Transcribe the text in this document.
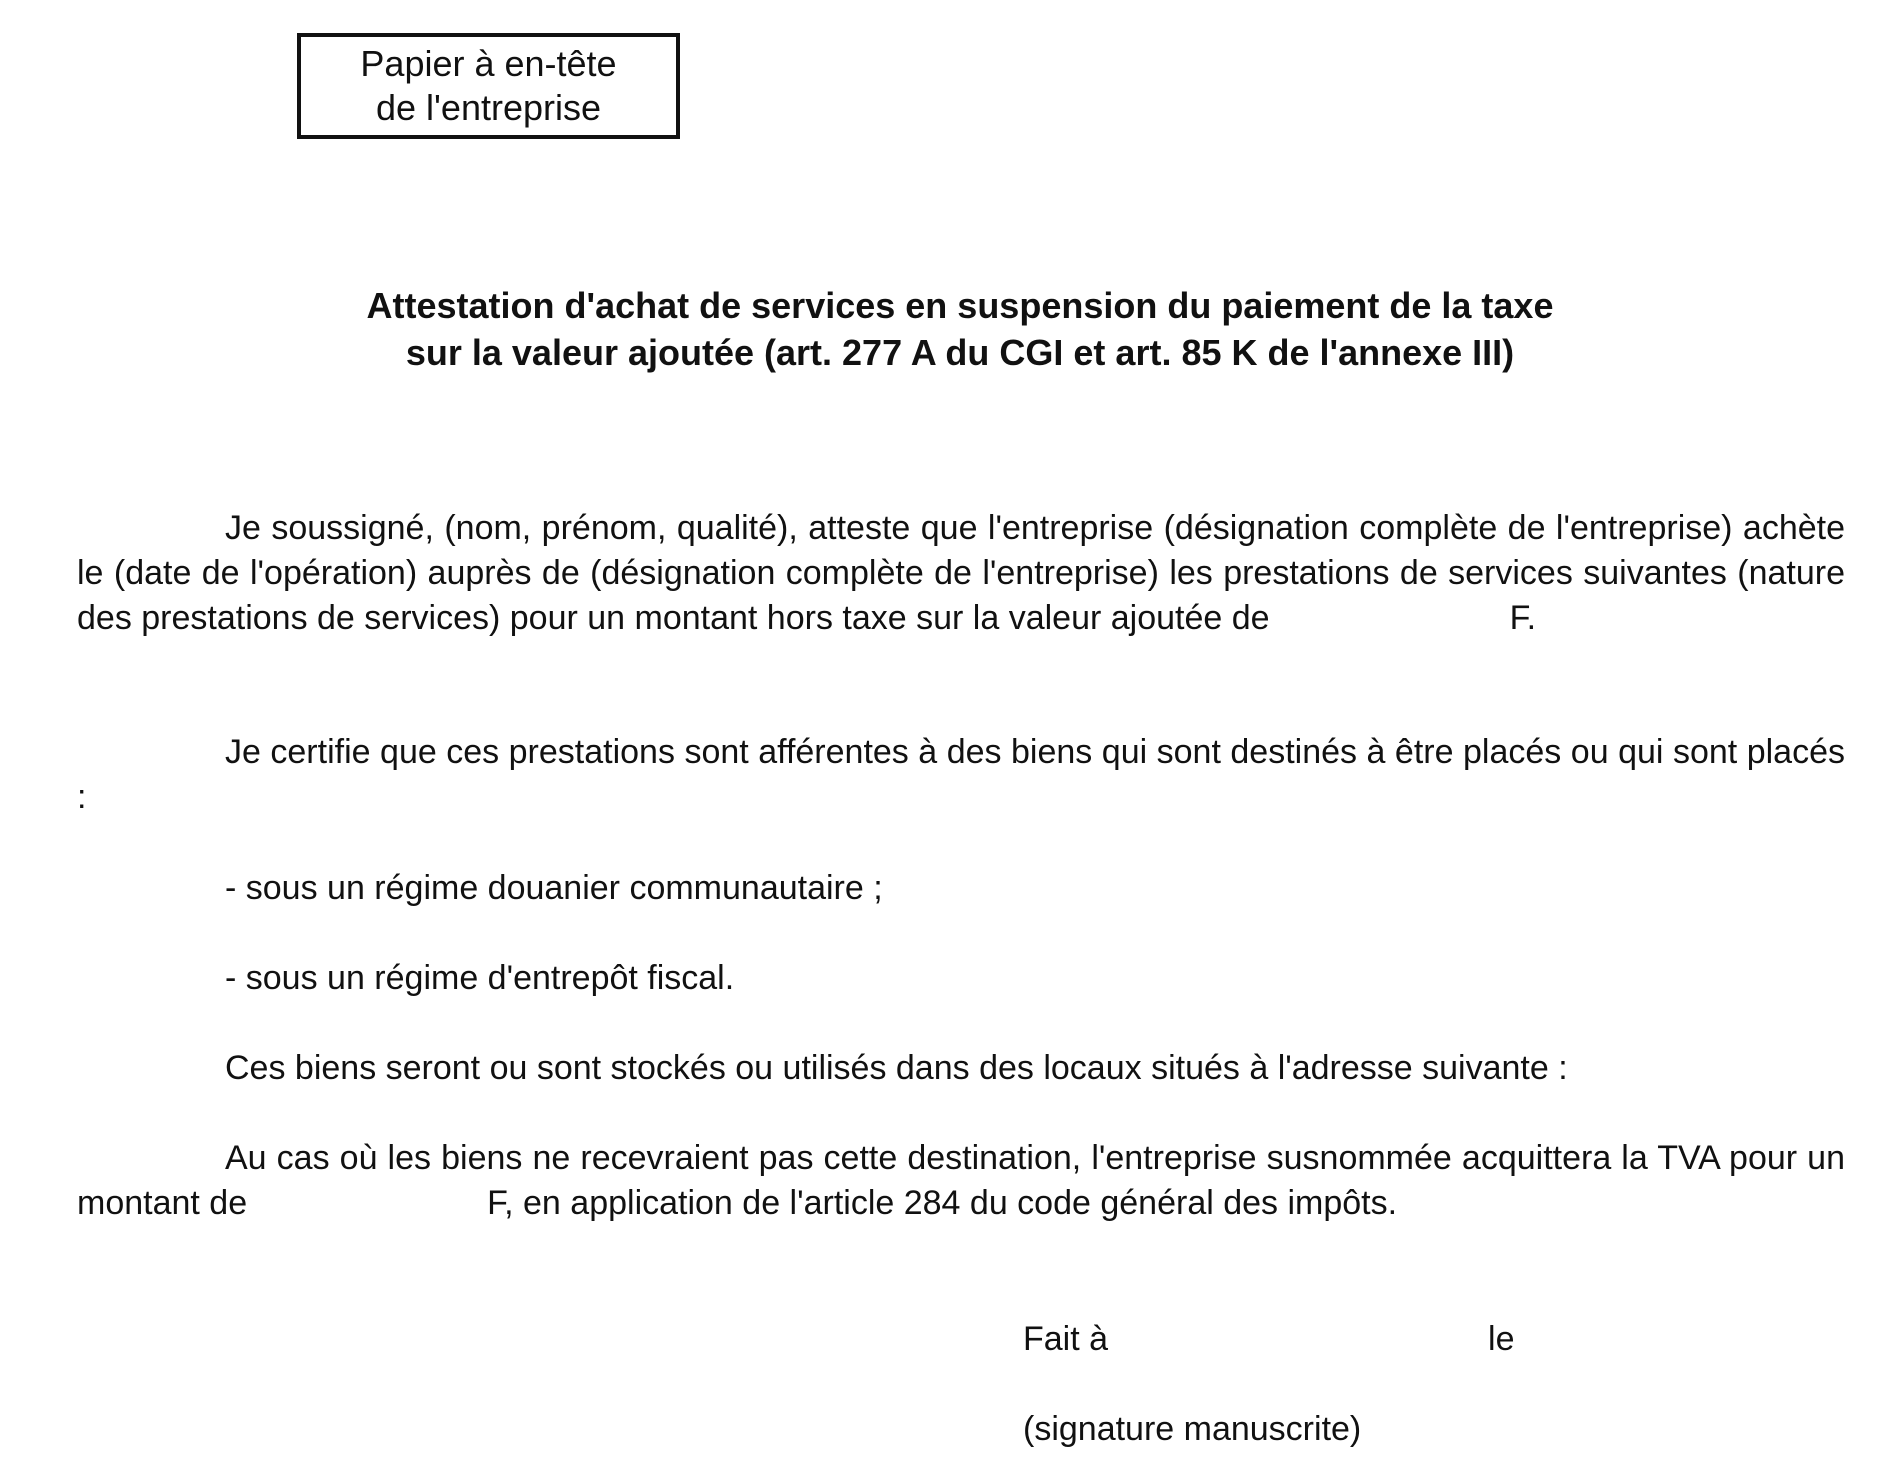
Papier à en-tête
de l'entreprise
Attestation d'achat de services en suspension du paiement de la taxe
sur la valeur ajoutée (art. 277 A du CGI et art. 85 K de l'annexe III)
Je soussigné, (nom, prénom, qualité), atteste que l'entreprise (désignation complète de l'entreprise) achète le (date de l'opération) auprès de (désignation complète de l'entreprise) les prestations de services suivantes (nature des prestations de services) pour un montant hors taxe sur la valeur ajoutée de	F.
Je certifie que ces prestations sont afférentes à des biens qui sont destinés à être placés ou qui sont placés :
- sous un régime douanier communautaire ;
- sous un régime d'entrepôt fiscal.
Ces biens seront ou sont stockés ou utilisés dans des locaux situés à l'adresse suivante :
Au cas où les biens ne recevraient pas cette destination, l'entreprise susnommée acquittera la TVA pour un montant de	F, en application de l'article 284 du code général des impôts.
Fait à	le
(signature manuscrite)
